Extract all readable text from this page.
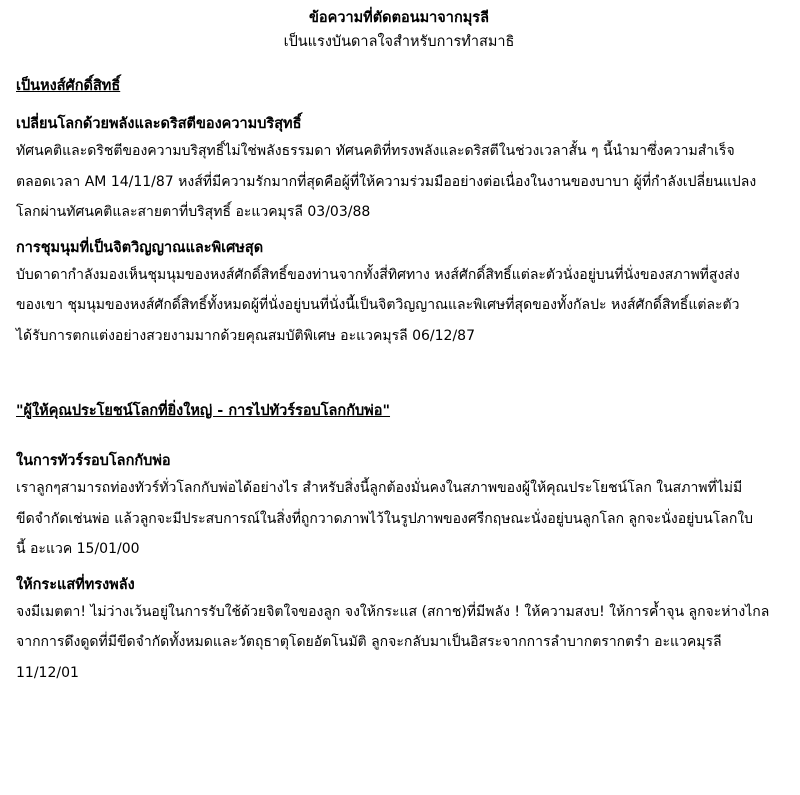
ข้อความที่ตัดตอนมาจากมุรลี
เป็นแรงบันดาลใจสำหรับการทำสมาธิ
เป็นหงส์ศักดิ์สิทธิ์
เปลี่ยนโลกด้วยพลังและดริสตีของความบริสุทธิ์

ทัศนคติและดริชตีของความบริสุทธิ์ไม่ใช่พลังธรรมดา ทัศนคติที่ทรงพลังและดริสตีในช่วงเวลาสั้น ๆ นี้นำมาซึ่งความสำเร็จ
ตลอดเวลา AM 14/11/87 หงส์ที่มีความรักมากที่สุดคือผู้ที่ให้ความร่วมมืออย่างต่อเนื่องในงานของบาบา ผู้ที่กำลังเปลี่ยนแปลง
โลกผ่านทัศนคติและสายตาที่บริสุทธิ์ อะแวคมุรลี 03/03/88

การชุมนุมที่เป็นจิตวิญญาณและพิเศษสุด

บับดาดากำลังมองเห็นชุมนุมของหงส์ศักดิ์สิทธิ์ของท่านจากทั้งสี่ทิศทาง หงส์ศักดิ์สิทธิ์แต่ละตัวนั่งอยู่บนที่นั่งของสภาพที่สูงส่ง
ของเขา ชุมนุมของหงส์ศักดิ์สิทธิ์ทั้งหมดผู้ที่นั่งอยู่บนที่นั่งนี้เป็นจิตวิญญาณและพิเศษที่สุดของทั้งกัลปะ หงส์ศักดิ์สิทธิ์แต่ละตัว
ได้รับการตกแต่งอย่างสวยงามมากด้วยคุณสมบัติพิเศษ อะแวคมุรลี 06/12/87

"ผู้ให้คุณประโยชน์โลกที่ยิ่งใหญ่ - การไปทัวร์รอบโลกกับพ่อ"
ในการทัวร์รอบโลกกับพ่อ

เราลูกๆสามารถท่องทัวร์ทั่วโลกกับพ่อได้อย่างไร สำหรับสิ่งนี้ลูกต้องมั่นคงในสภาพของผู้ให้คุณประโยชน์โลก ในสภาพที่ไม่มี
ขีดจำกัดเช่นพ่อ แล้วลูกจะมีประสบการณ์ในสิ่งที่ถูกวาดภาพไว้ในรูปภาพของศรีกฤษณะนั่งอยู่บนลูกโลก ลูกจะนั่งอยู่บนโลกใบ
นี้ อะแวค 15/01/00

ให้กระแสที่ทรงพลัง

จงมีเมตตา! ไม่ว่างเว้นอยู่ในการรับใช้ด้วยจิตใจของลูก จงให้กระแส (สกาช)ที่มีพลัง ! ให้ความสงบ! ให้การค้ำจุน ลูกจะห่างไกล
จากการดึงดูดที่มีขีดจำกัดทั้งหมดและวัตถุธาตุโดยอัตโนมัติ ลูกจะกลับมาเป็นอิสระจากการลำบากตรากตรำ อะแวคมุรลี
11/12/01
